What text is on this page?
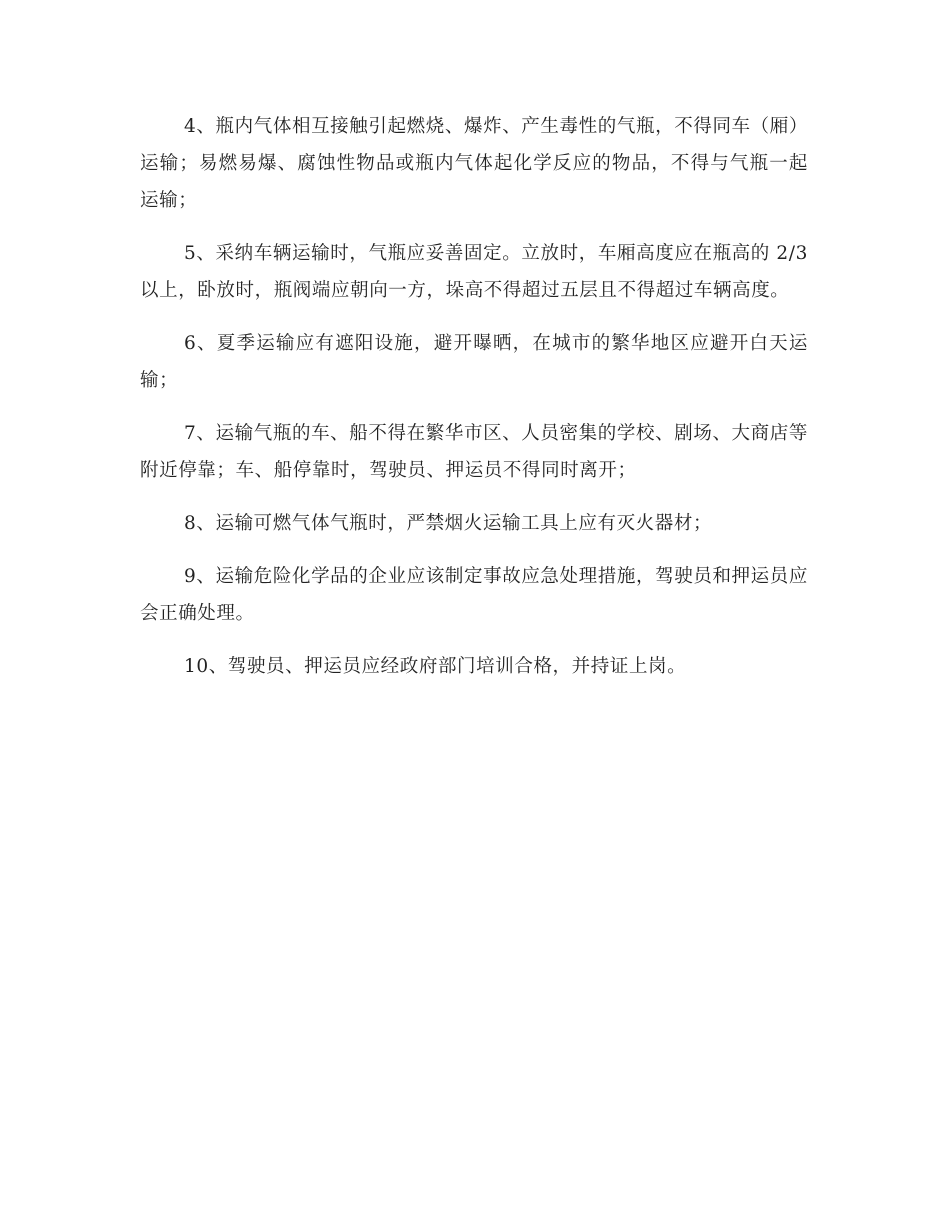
4、瓶内气体相互接触引起燃烧、爆炸、产生毒性的气瓶，不得同车（厢）运输；易燃易爆、腐蚀性物品或瓶内气体起化学反应的物品，不得与气瓶一起运输；

5、采纳车辆运输时，气瓶应妥善固定。立放时，车厢高度应在瓶高的 2/3 以上，卧放时，瓶阀端应朝向一方，垛高不得超过五层且不得超过车辆高度。

6、夏季运输应有遮阳设施，避开曝晒，在城市的繁华地区应避开白天运输；

7、运输气瓶的车、船不得在繁华市区、人员密集的学校、剧场、大商店等附近停靠；车、船停靠时，驾驶员、押运员不得同时离开；

8、运输可燃气体气瓶时，严禁烟火运输工具上应有灭火器材；

9、运输危险化学品的企业应该制定事故应急处理措施，驾驶员和押运员应会正确处理。

10、驾驶员、押运员应经政府部门培训合格，并持证上岗。
